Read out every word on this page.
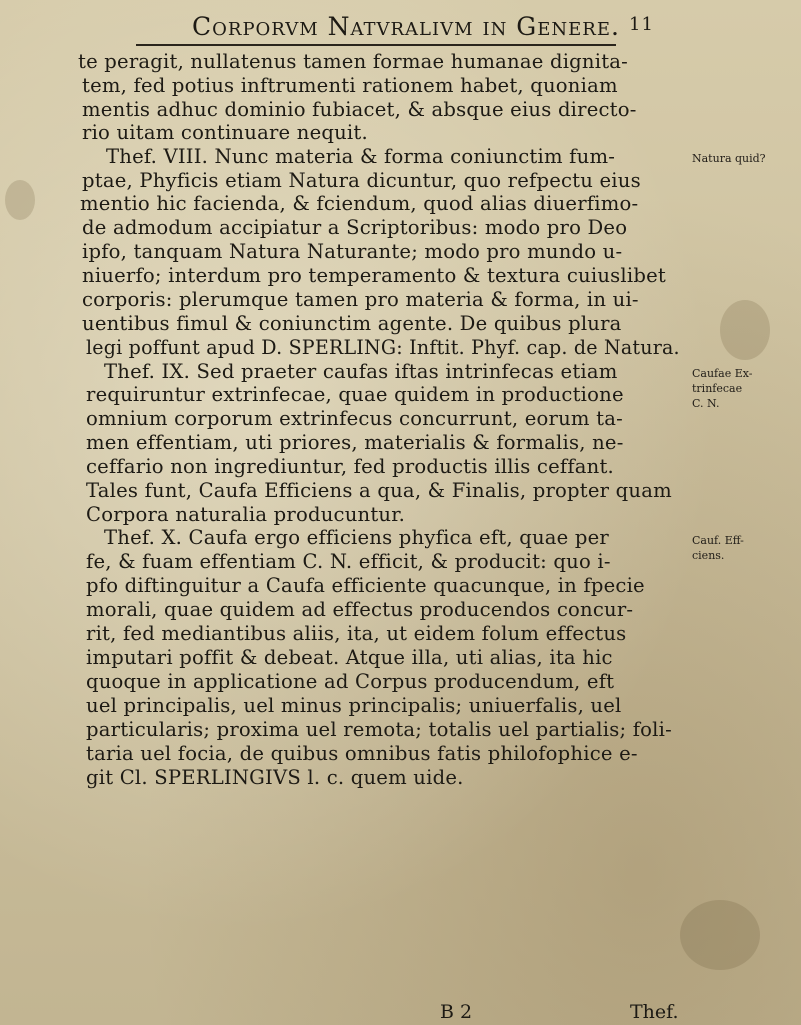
Corporvm Natvralivm in Genere. 11
te peragit, nullatenus tamen formae humanae dignita-
tem, fed potius inftrumenti rationem habet, quoniam
mentis adhuc dominio fubiacet, & absque eius directo-
rio uitam continuare nequit.
Thef. VIII. Nunc materia & forma coniunctim fum-
ptae, Phyficis etiam Natura dicuntur, quo refpectu eius
mentio hic facienda, & fciendum, quod alias diuerfimo-
de admodum accipiatur a Scriptoribus: modo pro Deo
ipfo, tanquam Natura Naturante; modo pro mundo u-
niuerfo; interdum pro temperamento & textura cuiuslibet
corporis: plerumque tamen pro materia & forma, in ui-
uentibus fimul & coniunctim agente. De quibus plura
legi poffunt apud D. SPERLING: Inftit. Phyf. cap. de Natura.
Thef. IX. Sed praeter caufas iftas intrinfecas etiam
requiruntur extrinfecae, quae quidem in productione
omnium corporum extrinfecus concurrunt, eorum ta-
men effentiam, uti priores, materialis & formalis, ne-
ceffario non ingrediuntur, fed productis illis ceffant.
Tales funt, Caufa Efficiens a qua, & Finalis, propter quam
Corpora naturalia producuntur.
Thef. X. Caufa ergo efficiens phyfica eft, quae per
fe, & fuam effentiam C. N. efficit, & producit: quo i-
pfo diftinguitur a Caufa efficiente quacunque, in fpecie
morali, quae quidem ad effectus producendos concur-
rit, fed mediantibus aliis, ita, ut eidem folum effectus
imputari poffit & debeat. Atque illa, uti alias, ita hic
quoque in applicatione ad Corpus producendum, eft
uel principalis, uel minus principalis; uniuerfalis, uel
particularis; proxima uel remota; totalis uel partialis; foli-
taria uel focia, de quibus omnibus fatis philofophice e-
git Cl. SPERLINGIVS l. c. quem uide.
Natura quid?
Caufae Ex-
trinfecae
C. N.
Cauf. Eff-
ciens.
B 2	Thef.
